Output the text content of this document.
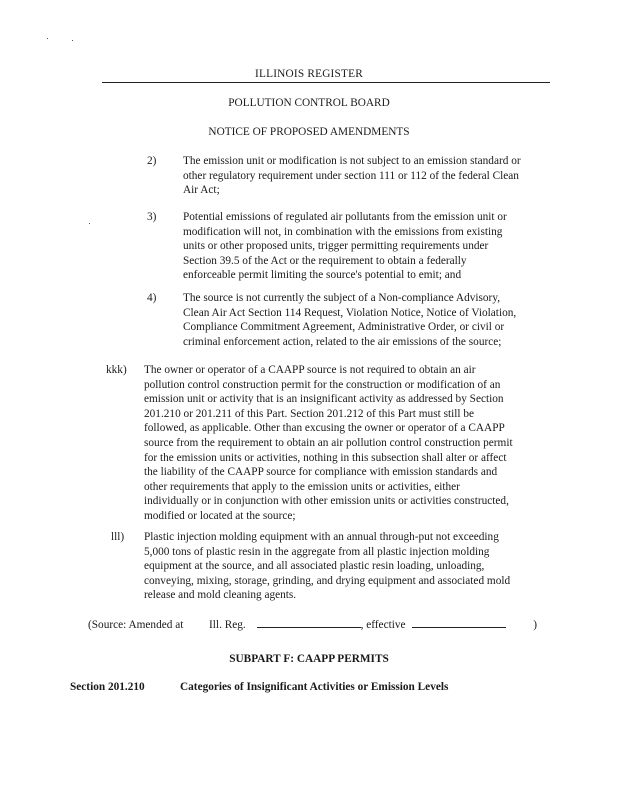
ILLINOIS REGISTER
POLLUTION CONTROL BOARD
NOTICE OF PROPOSED AMENDMENTS
2) The emission unit or modification is not subject to an emission standard or
other regulatory requirement under section 111 or 112 of the federal Clean
Air Act;
3) Potential emissions of regulated air pollutants from the emission unit or
modification will not, in combination with the emissions from existing
units or other proposed units, trigger permitting requirements under
Section 39.5 of the Act or the requirement to obtain a federally
enforceable permit limiting the source's potential to emit; and
4) The source is not currently the subject of a Non-compliance Advisory,
Clean Air Act Section 114 Request, Violation Notice, Notice of Violation,
Compliance Commitment Agreement, Administrative Order, or civil or
criminal enforcement action, related to the air emissions of the source;
kkk) The owner or operator of a CAAPP source is not required to obtain an air
pollution control construction permit for the construction or modification of an
emission unit or activity that is an insignificant activity as addressed by Section
201.210 or 201.211 of this Part. Section 201.212 of this Part must still be
followed, as applicable. Other than excusing the owner or operator of a CAAPP
source from the requirement to obtain an air pollution control construction permit
for the emission units or activities, nothing in this subsection shall alter or affect
the liability of the CAAPP source for compliance with emission standards and
other requirements that apply to the emission units or activities, either
individually or in conjunction with other emission units or activities constructed,
modified or located at the source;
lll) Plastic injection molding equipment with an annual through-put not exceeding
5,000 tons of plastic resin in the aggregate from all plastic injection molding
equipment at the source, and all associated plastic resin loading, unloading,
conveying, mixing, storage, grinding, and drying equipment and associated mold
release and mold cleaning agents.
(Source: Amended at Ill. Reg.	, effective	)
SUBPART F: CAAPP PERMITS
Section 201.210	Categories of Insignificant Activities or Emission Levels
